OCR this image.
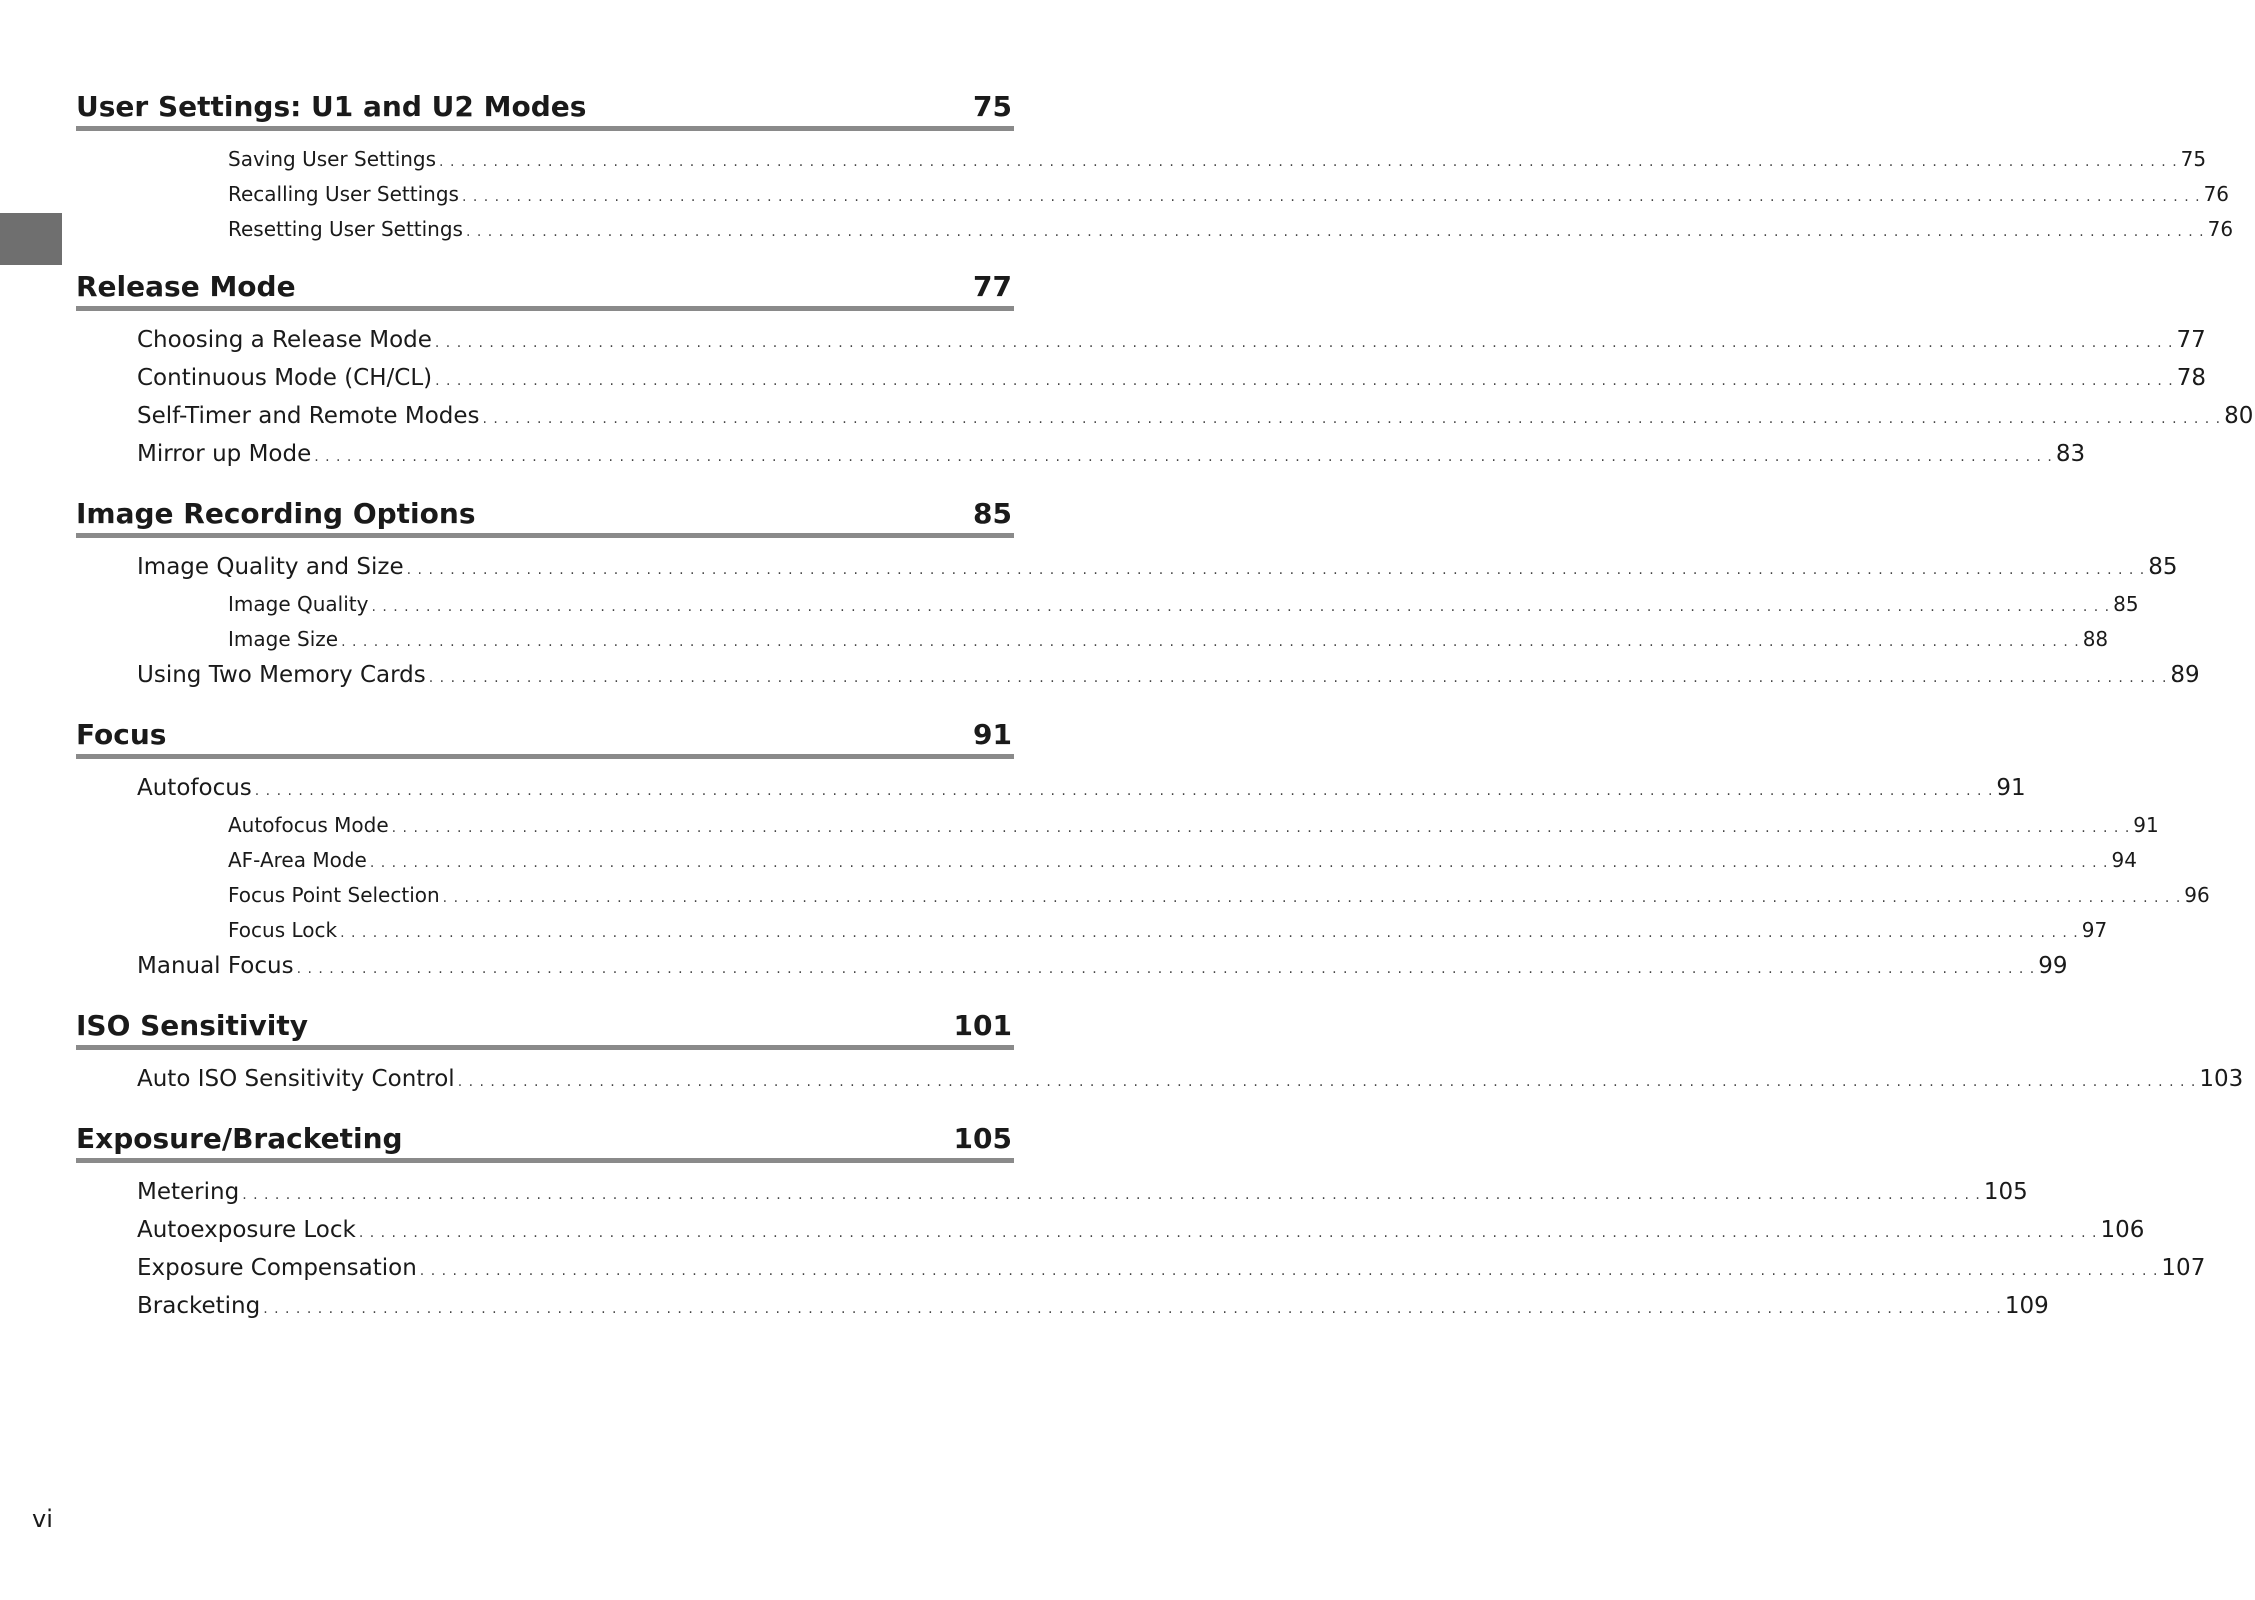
User Settings: U1 and U2 Modes	75
Saving User Settings . . . . . . . . . . . . . . . . . . . . . . . . . . . . . . . . . . . . . . . . . . . . . . . . . . . . . . . . . . . . . . . . . . . . . . . . . . . . . . . . . . . . . . . . . . . . . . . . . . . . . . . . . . . . . . . . . . . . . . . . . . . . . . . . . . . . . . . . . . . . . . . . . . . . . . . . . . . . . . . . 75
Recalling User Settings . . . . . . . . . . . . . . . . . . . . . . . . . . . . . . . . . . . . . . . . . . . . . . . . . . . . . . . . . . . . . . . . . . . . . . . . . . . . . . . . . . . . . . . . . . . . . . . . . . . . . . . . . . . . . . . . . . . . . . . . . . . . . . . . . . . . . . . . . . . . . . . . . . . . . . . . . . . . . . . . 76
Resetting User Settings . . . . . . . . . . . . . . . . . . . . . . . . . . . . . . . . . . . . . . . . . . . . . . . . . . . . . . . . . . . . . . . . . . . . . . . . . . . . . . . . . . . . . . . . . . . . . . . . . . . . . . . . . . . . . . . . . . . . . . . . . . . . . . . . . . . . . . . . . . . . . . . . . . . . . . . . . . . . . . . . 76
Release Mode	77
Choosing a Release Mode . . . . . . . . . . . . . . . . . . . . . . . . . . . . . . . . . . . . . . . . . . . . . . . . . . . . . . . . . . . . . . . . . . . . . . . . . . . . . . . . . . . . . . . . . . . . . . . . . . . . . . . . . . . . . . . . . . . . . . . . . . . . . . . . . . . . . . . . . . . . . . . . . . . . . . . . . . . . . . . . 77
Continuous Mode (CH/CL) . . . . . . . . . . . . . . . . . . . . . . . . . . . . . . . . . . . . . . . . . . . . . . . . . . . . . . . . . . . . . . . . . . . . . . . . . . . . . . . . . . . . . . . . . . . . . . . . . . . . . . . . . . . . . . . . . . . . . . . . . . . . . . . . . . . . . . . . . . . . . . . . . . . . . . . . . . . . . . . . 78
Self-Timer and Remote Modes . . . . . . . . . . . . . . . . . . . . . . . . . . . . . . . . . . . . . . . . . . . . . . . . . . . . . . . . . . . . . . . . . . . . . . . . . . . . . . . . . . . . . . . . . . . . . . . . . . . . . . . . . . . . . . . . . . . . . . . . . . . . . . . . . . . . . . . . . . . . . . . . . . . . . . . . . . . . . . . . 80
Mirror up Mode . . . . . . . . . . . . . . . . . . . . . . . . . . . . . . . . . . . . . . . . . . . . . . . . . . . . . . . . . . . . . . . . . . . . . . . . . . . . . . . . . . . . . . . . . . . . . . . . . . . . . . . . . . . . . . . . . . . . . . . . . . . . . . . . . . . . . . . . . . . . . . . . . . . . . . . . . . . . . . . . 83
Image Recording Options	85
Image Quality and Size . . . . . . . . . . . . . . . . . . . . . . . . . . . . . . . . . . . . . . . . . . . . . . . . . . . . . . . . . . . . . . . . . . . . . . . . . . . . . . . . . . . . . . . . . . . . . . . . . . . . . . . . . . . . . . . . . . . . . . . . . . . . . . . . . . . . . . . . . . . . . . . . . . . . . . . . . . . . . . . . 85
Image Quality . . . . . . . . . . . . . . . . . . . . . . . . . . . . . . . . . . . . . . . . . . . . . . . . . . . . . . . . . . . . . . . . . . . . . . . . . . . . . . . . . . . . . . . . . . . . . . . . . . . . . . . . . . . . . . . . . . . . . . . . . . . . . . . . . . . . . . . . . . . . . . . . . . . . . . . . . . . . . . . . 85
Image Size . . . . . . . . . . . . . . . . . . . . . . . . . . . . . . . . . . . . . . . . . . . . . . . . . . . . . . . . . . . . . . . . . . . . . . . . . . . . . . . . . . . . . . . . . . . . . . . . . . . . . . . . . . . . . . . . . . . . . . . . . . . . . . . . . . . . . . . . . . . . . . . . . . . . . . . . . . . . . . . . 88
Using Two Memory Cards . . . . . . . . . . . . . . . . . . . . . . . . . . . . . . . . . . . . . . . . . . . . . . . . . . . . . . . . . . . . . . . . . . . . . . . . . . . . . . . . . . . . . . . . . . . . . . . . . . . . . . . . . . . . . . . . . . . . . . . . . . . . . . . . . . . . . . . . . . . . . . . . . . . . . . . . . . . . . . . . 89
Focus	91
Autofocus . . . . . . . . . . . . . . . . . . . . . . . . . . . . . . . . . . . . . . . . . . . . . . . . . . . . . . . . . . . . . . . . . . . . . . . . . . . . . . . . . . . . . . . . . . . . . . . . . . . . . . . . . . . . . . . . . . . . . . . . . . . . . . . . . . . . . . . . . . . . . . . . . . . . . . . . . . . . . . . . 91
Autofocus Mode . . . . . . . . . . . . . . . . . . . . . . . . . . . . . . . . . . . . . . . . . . . . . . . . . . . . . . . . . . . . . . . . . . . . . . . . . . . . . . . . . . . . . . . . . . . . . . . . . . . . . . . . . . . . . . . . . . . . . . . . . . . . . . . . . . . . . . . . . . . . . . . . . . . . . . . . . . . . . . . . 91
AF-Area Mode . . . . . . . . . . . . . . . . . . . . . . . . . . . . . . . . . . . . . . . . . . . . . . . . . . . . . . . . . . . . . . . . . . . . . . . . . . . . . . . . . . . . . . . . . . . . . . . . . . . . . . . . . . . . . . . . . . . . . . . . . . . . . . . . . . . . . . . . . . . . . . . . . . . . . . . . . . . . . . . . 94
Focus Point Selection . . . . . . . . . . . . . . . . . . . . . . . . . . . . . . . . . . . . . . . . . . . . . . . . . . . . . . . . . . . . . . . . . . . . . . . . . . . . . . . . . . . . . . . . . . . . . . . . . . . . . . . . . . . . . . . . . . . . . . . . . . . . . . . . . . . . . . . . . . . . . . . . . . . . . . . . . . . . . . . . 96
Focus Lock . . . . . . . . . . . . . . . . . . . . . . . . . . . . . . . . . . . . . . . . . . . . . . . . . . . . . . . . . . . . . . . . . . . . . . . . . . . . . . . . . . . . . . . . . . . . . . . . . . . . . . . . . . . . . . . . . . . . . . . . . . . . . . . . . . . . . . . . . . . . . . . . . . . . . . . . . . . . . . . . 97
Manual Focus . . . . . . . . . . . . . . . . . . . . . . . . . . . . . . . . . . . . . . . . . . . . . . . . . . . . . . . . . . . . . . . . . . . . . . . . . . . . . . . . . . . . . . . . . . . . . . . . . . . . . . . . . . . . . . . . . . . . . . . . . . . . . . . . . . . . . . . . . . . . . . . . . . . . . . . . . . . . . . . . 99
ISO Sensitivity	101
Auto ISO Sensitivity Control . . . . . . . . . . . . . . . . . . . . . . . . . . . . . . . . . . . . . . . . . . . . . . . . . . . . . . . . . . . . . . . . . . . . . . . . . . . . . . . . . . . . . . . . . . . . . . . . . . . . . . . . . . . . . . . . . . . . . . . . . . . . . . . . . . . . . . . . . . . . . . . . . . . . . . . . . . . . . . . . 103
Exposure/Bracketing	105
Metering . . . . . . . . . . . . . . . . . . . . . . . . . . . . . . . . . . . . . . . . . . . . . . . . . . . . . . . . . . . . . . . . . . . . . . . . . . . . . . . . . . . . . . . . . . . . . . . . . . . . . . . . . . . . . . . . . . . . . . . . . . . . . . . . . . . . . . . . . . . . . . . . . . . . . . . . . . . . . . . . 105
Autoexposure Lock . . . . . . . . . . . . . . . . . . . . . . . . . . . . . . . . . . . . . . . . . . . . . . . . . . . . . . . . . . . . . . . . . . . . . . . . . . . . . . . . . . . . . . . . . . . . . . . . . . . . . . . . . . . . . . . . . . . . . . . . . . . . . . . . . . . . . . . . . . . . . . . . . . . . . . . . . . . . . . . . 106
Exposure Compensation . . . . . . . . . . . . . . . . . . . . . . . . . . . . . . . . . . . . . . . . . . . . . . . . . . . . . . . . . . . . . . . . . . . . . . . . . . . . . . . . . . . . . . . . . . . . . . . . . . . . . . . . . . . . . . . . . . . . . . . . . . . . . . . . . . . . . . . . . . . . . . . . . . . . . . . . . . . . . . . . 107
Bracketing . . . . . . . . . . . . . . . . . . . . . . . . . . . . . . . . . . . . . . . . . . . . . . . . . . . . . . . . . . . . . . . . . . . . . . . . . . . . . . . . . . . . . . . . . . . . . . . . . . . . . . . . . . . . . . . . . . . . . . . . . . . . . . . . . . . . . . . . . . . . . . . . . . . . . . . . . . . . . . . . 109
vi
